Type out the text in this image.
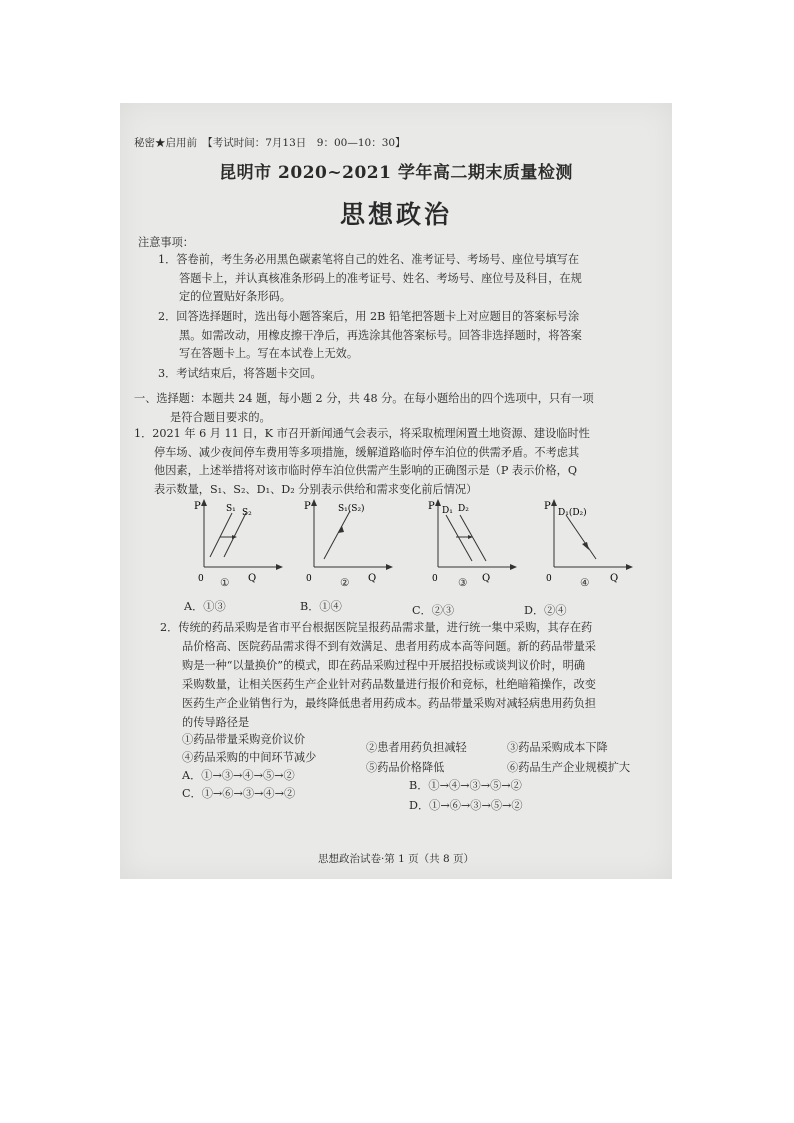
秘密★启用前　【考试时间：7月13日　9：00—10：30】
昆明市 2020~2021 学年高二期末质量检测
思想政治
注意事项：
1．答卷前，考生务必用黑色碳素笔将自己的姓名、准考证号、考场号、座位号填写在
答题卡上，并认真核准条形码上的准考证号、姓名、考场号、座位号及科目，在规
定的位置贴好条形码。
2．回答选择题时，选出每小题答案后，用 2B 铅笔把答题卡上对应题目的答案标号涂
黑。如需改动，用橡皮擦干净后，再选涂其他答案标号。回答非选择题时，将答案
写在答题卡上。写在本试卷上无效。
3．考试结束后，将答题卡交回。
一、选择题：本题共 24 题，每小题 2 分，共 48 分。在每小题给出的四个选项中，只有一项
是符合题目要求的。
1．2021 年 6 月 11 日，K 市召开新闻通气会表示，将采取梳理闲置土地资源、建设临时性
停车场、减少夜间停车费用等多项措施，缓解道路临时停车泊位的供需矛盾。不考虑其
他因素，上述举措将对该市临时停车泊位供需产生影响的正确图示是（P 表示价格，Q
表示数量，S₁、S₂、D₁、D₂ 分别表示供给和需求变化前后情况）
P
Q
0
S₁ S₂
①
P
Q
0
S₁(S₂)
②
P
Q
0
D₁ D₂
③
P
Q
0
D₁(D₂)
④
A．①③	B．①④	C．②③	D．②④
2．传统的药品采购是省市平台根据医院呈报药品需求量，进行统一集中采购，其存在药
品价格高、医院药品需求得不到有效满足、患者用药成本高等问题。新的药品带量采
购是一种“以量换价”的模式，即在药品采购过程中开展招投标或谈判议价时，明确
采购数量，让相关医药生产企业针对药品数量进行报价和竞标，杜绝暗箱操作，改变
医药生产企业销售行为，最终降低患者用药成本。药品带量采购对减轻病患用药负担
的传导路径是
①药品带量采购竞价议价
②患者用药负担减轻	③药品采购成本下降
④药品采购的中间环节减少
⑤药品价格降低	⑥药品生产企业规模扩大
A．①→③→④→⑤→②
B．①→④→③→⑤→②
C．①→⑥→③→④→②
D．①→⑥→③→⑤→②
思想政治试卷·第 1 页（共 8 页）
